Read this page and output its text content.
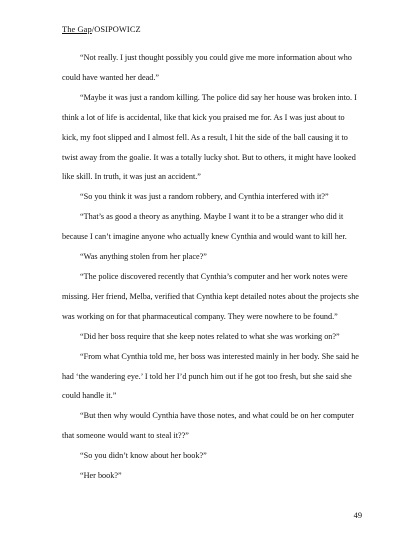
The Gap/OSIPOWICZ

“Not really. I just thought possibly you could give me more information about who could have wanted her dead.”

“Maybe it was just a random killing. The police did say her house was broken into. I think a lot of life is accidental, like that kick you praised me for. As I was just about to kick, my foot slipped and I almost fell. As a result, I hit the side of the ball causing it to twist away from the goalie. It was a totally lucky shot. But to others, it might have looked like skill. In truth, it was just an accident.”

“So you think it was just a random robbery, and Cynthia interfered with it?”

“That’s as good a theory as anything. Maybe I want it to be a stranger who did it because I can’t imagine anyone who actually knew Cynthia and would want to kill her.

“Was anything stolen from her place?”

“The police discovered recently that Cynthia’s computer and her work notes were missing. Her friend, Melba, verified that Cynthia kept detailed notes about the projects she was working on for that pharmaceutical company. They were nowhere to be found.”

“Did her boss require that she keep notes related to what she was working on?”

“From what Cynthia told me, her boss was interested mainly in her body. She said he had ‘the wandering eye.’ I told her I’d punch him out if he got too fresh, but she said she could handle it.”

“But then why would Cynthia have those notes, and what could be on her computer that someone would want to steal it??”

“So you didn’t know about her book?”

“Her book?”

49
